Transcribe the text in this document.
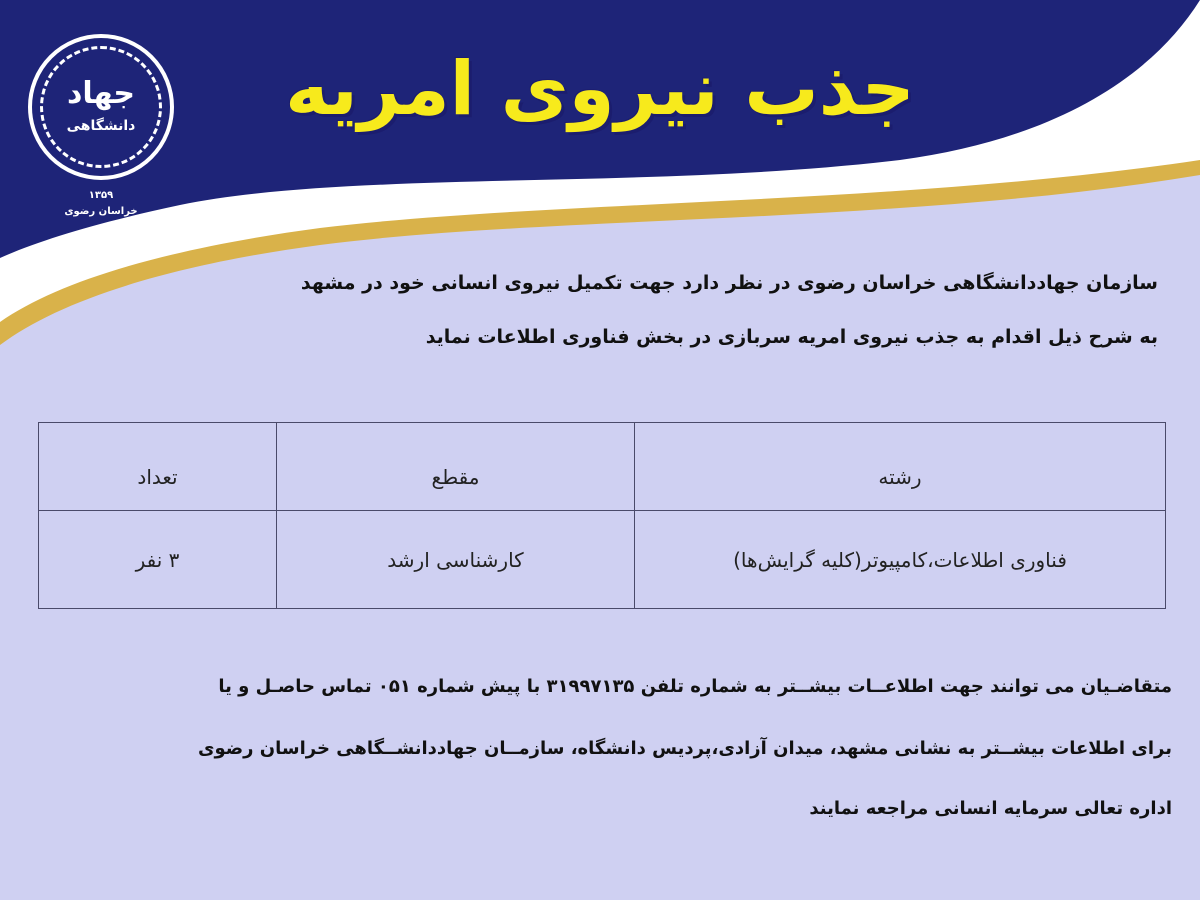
جهاد
دانشگاهی
۱۳۵۹
خراسان رضوی
جذب نیروی امریه

سازمان جهاددانشگاهی خراسان رضوی در نظر دارد جهت تکمیل نیروی انسانی خود در مشهد

به شرح ذیل اقدام به جذب نیروی امریه سربازی در بخش فناوری اطلاعات نماید

رشته	مقطع	تعداد
فناوری اطلاعات،کامپیوتر(کلیه گرایش‌ها)	کارشناسی ارشد	۳ نفر

متقاضـیان می توانند جهت اطلاعــات بیشــتر به شماره تلفن ۳۱۹۹۷۱۳۵ با پیش شماره ۰۵۱ تماس حاصـل و یا

برای اطلاعات بیشــتر به نشانی مشهد، میدان آزادی،پردیس دانشگاه، سازمــان جهاددانشــگاهی خراسان رضوی

اداره تعالی سرمایه انسانی مراجعه نمایند
